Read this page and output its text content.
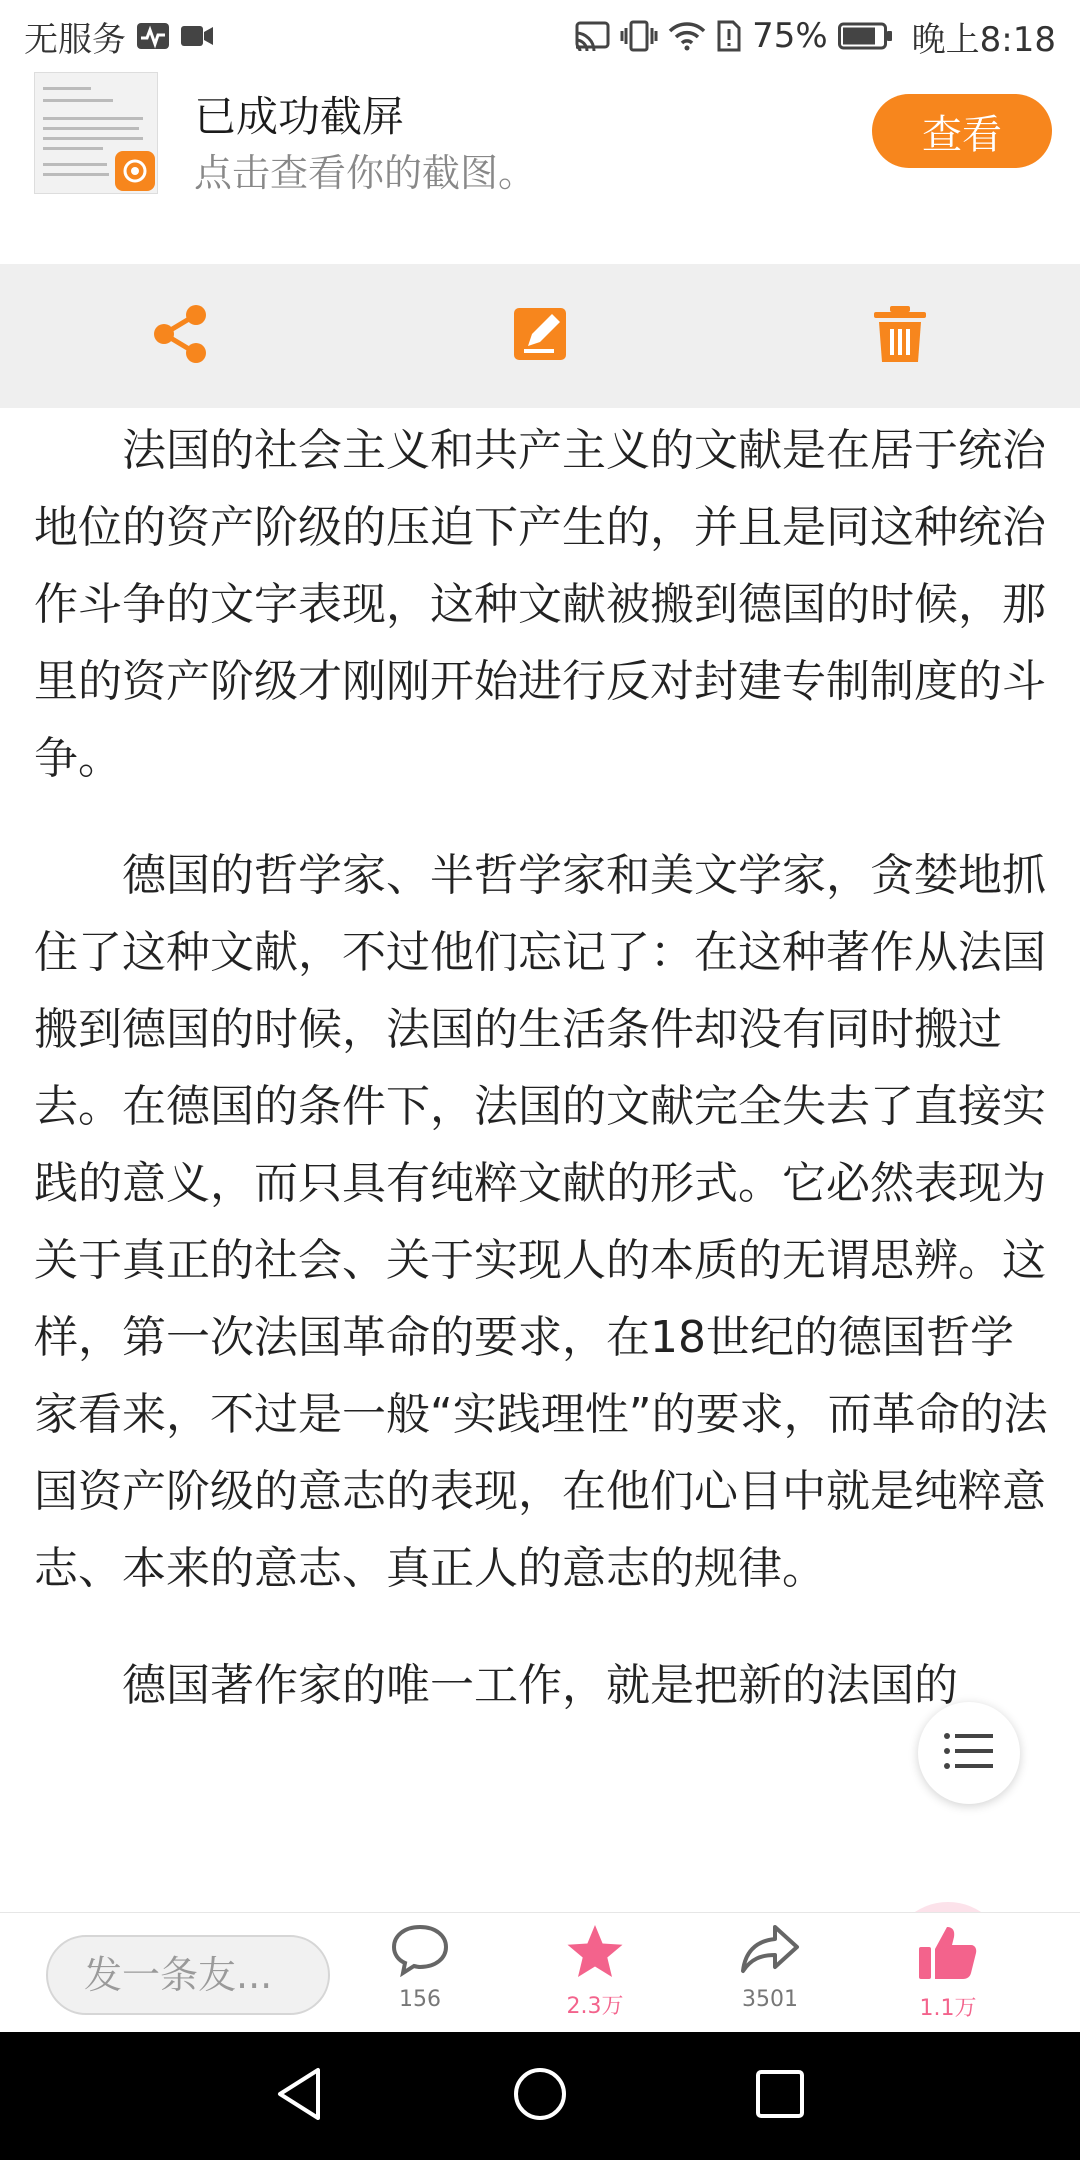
无服务	75% 晚上8:18
已成功截屏
点击查看你的截图。
查看

法国的社会主义和共产主义的文献是在居于统治地位的资产阶级的压迫下产生的，并且是同这种统治作斗争的文字表现，这种文献被搬到德国的时候，那里的资产阶级才刚刚开始进行反对封建专制制度的斗争。

德国的哲学家、半哲学家和美文学家，贪婪地抓住了这种文献，不过他们忘记了：在这种著作从法国搬到德国的时候，法国的生活条件却没有同时搬过去。在德国的条件下，法国的文献完全失去了直接实践的意义，而只具有纯粹文献的形式。它必然表现为关于真正的社会、关于实现人的本质的无谓思辨。这样，第一次法国革命的要求，在18世纪的德国哲学家看来，不过是一般“实践理性”的要求，而革命的法国资产阶级的意志的表现，在他们心目中就是纯粹意志、本来的意志、真正人的意志的规律。

德国著作家的唯一工作，就是把新的法国的

发一条友...
156	2.3万	3501	1.1万
